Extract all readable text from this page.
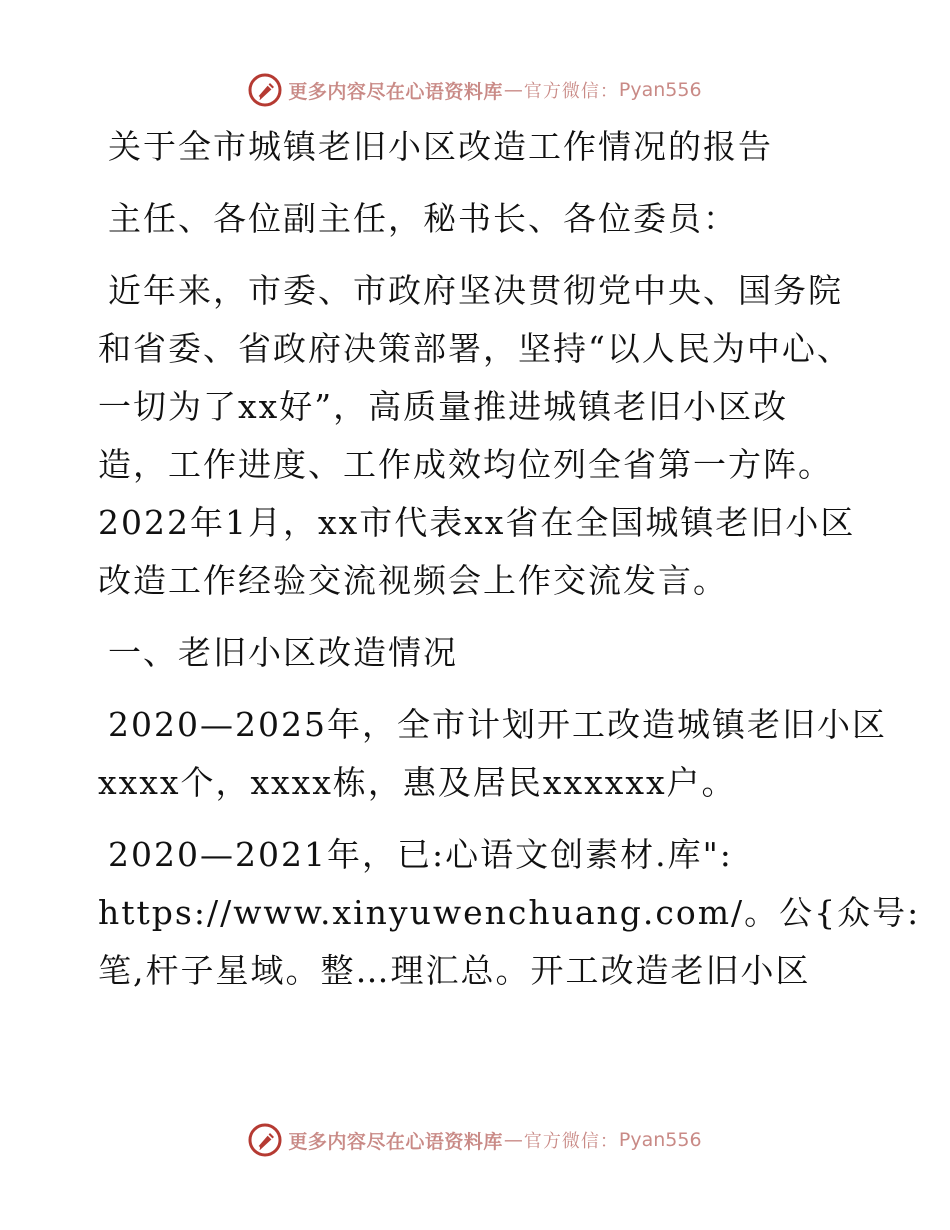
更多内容尽在心语资料库 — 官方微信： Pyan556
关于全市城镇老旧小区改造工作情况的报告
主任、各位副主任，秘书长、各位委员：
近年来，市委、市政府坚决贯彻党中央、国务院
和省委、省政府决策部署，坚持“以人民为中心、
一切为了xx好”，高质量推进城镇老旧小区改
造，工作进度、工作成效均位列全省第一方阵。
2022年1月，xx市代表xx省在全国城镇老旧小区
改造工作经验交流视频会上作交流发言。
一、老旧小区改造情况
2020—2025年，全市计划开工改造城镇老旧小区
xxxx个，xxxx栋，惠及居民xxxxxx户。
2020—2021年，已:心语文创素材.库":
https://www.xinyuwenchuang.com/。公{众号:
笔,杆子星域。整…理汇总。开工改造老旧小区
更多内容尽在心语资料库 — 官方微信： Pyan556
